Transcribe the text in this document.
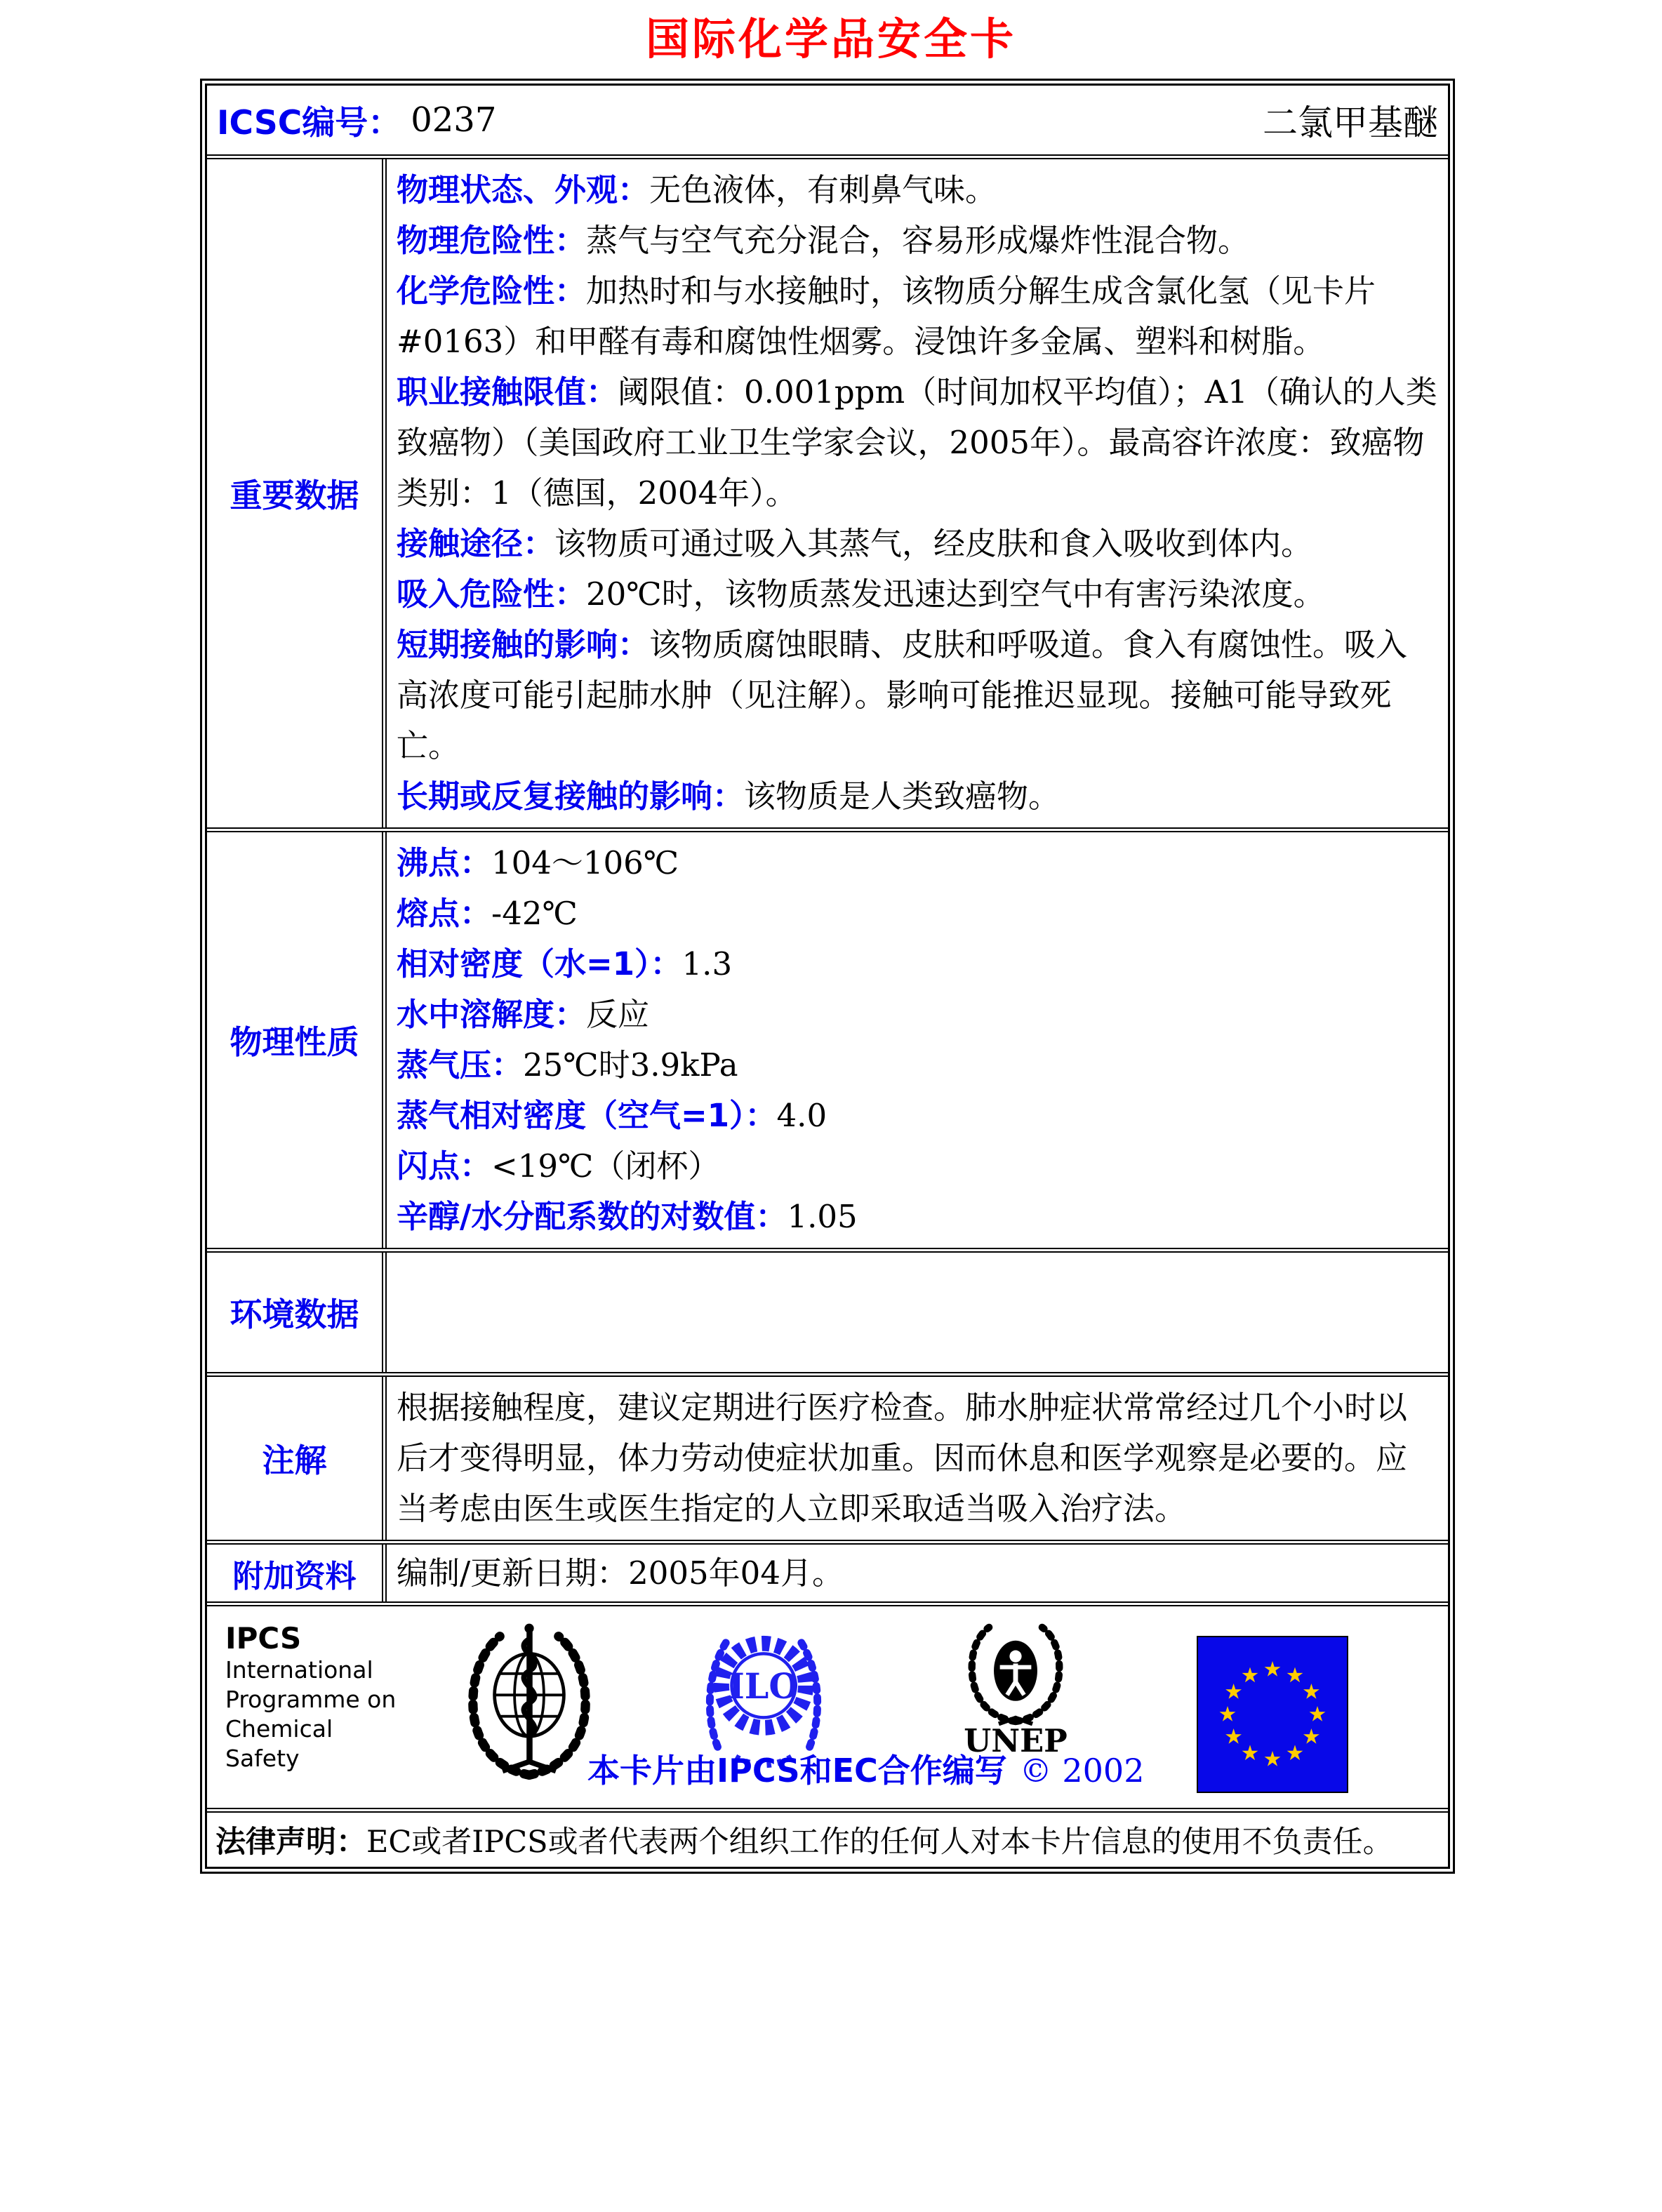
国际化学品安全卡
ICSC编号： 0237	二氯甲基醚
重要数据
物理状态、外观：无色液体，有刺鼻气味。
物理危险性：蒸气与空气充分混合，容易形成爆炸性混合物。
化学危险性：加热时和与水接触时，该物质分解生成含氯化氢（见卡片#0163）和甲醛有毒和腐蚀性烟雾。浸蚀许多金属、塑料和树脂。
职业接触限值：阈限值：0.001ppm（时间加权平均值）；A1（确认的人类致癌物）（美国政府工业卫生学家会议，2005年）。最高容许浓度：致癌物类别：1（德国，2004年）。
接触途径：该物质可通过吸入其蒸气，经皮肤和食入吸收到体内。
吸入危险性：20℃时，该物质蒸发迅速达到空气中有害污染浓度。
短期接触的影响：该物质腐蚀眼睛、皮肤和呼吸道。食入有腐蚀性。吸入高浓度可能引起肺水肿（见注解）。影响可能推迟显现。接触可能导致死亡。
长期或反复接触的影响：该物质是人类致癌物。
物理性质
沸点：104～106℃
熔点：-42℃
相对密度（水=1）：1.3
水中溶解度：反应
蒸气压：25℃时3.9kPa
蒸气相对密度（空气=1）：4.0
闪点：<19℃（闭杯）
辛醇/水分配系数的对数值：1.05
环境数据
注解
根据接触程度，建议定期进行医疗检查。肺水肿症状常常经过几个小时以后才变得明显，体力劳动使症状加重。因而休息和医学观察是必要的。应当考虑由医生或医生指定的人立即采取适当吸入治疗法。
附加资料	编制/更新日期：2005年04月。
IPCS
International
Programme on
Chemical Safety
ILO
UNEP
本卡片由IPCS和EC合作编写 © 2002
法律声明： EC或者IPCS或者代表两个组织工作的任何人对本卡片信息的使用不负责任。
